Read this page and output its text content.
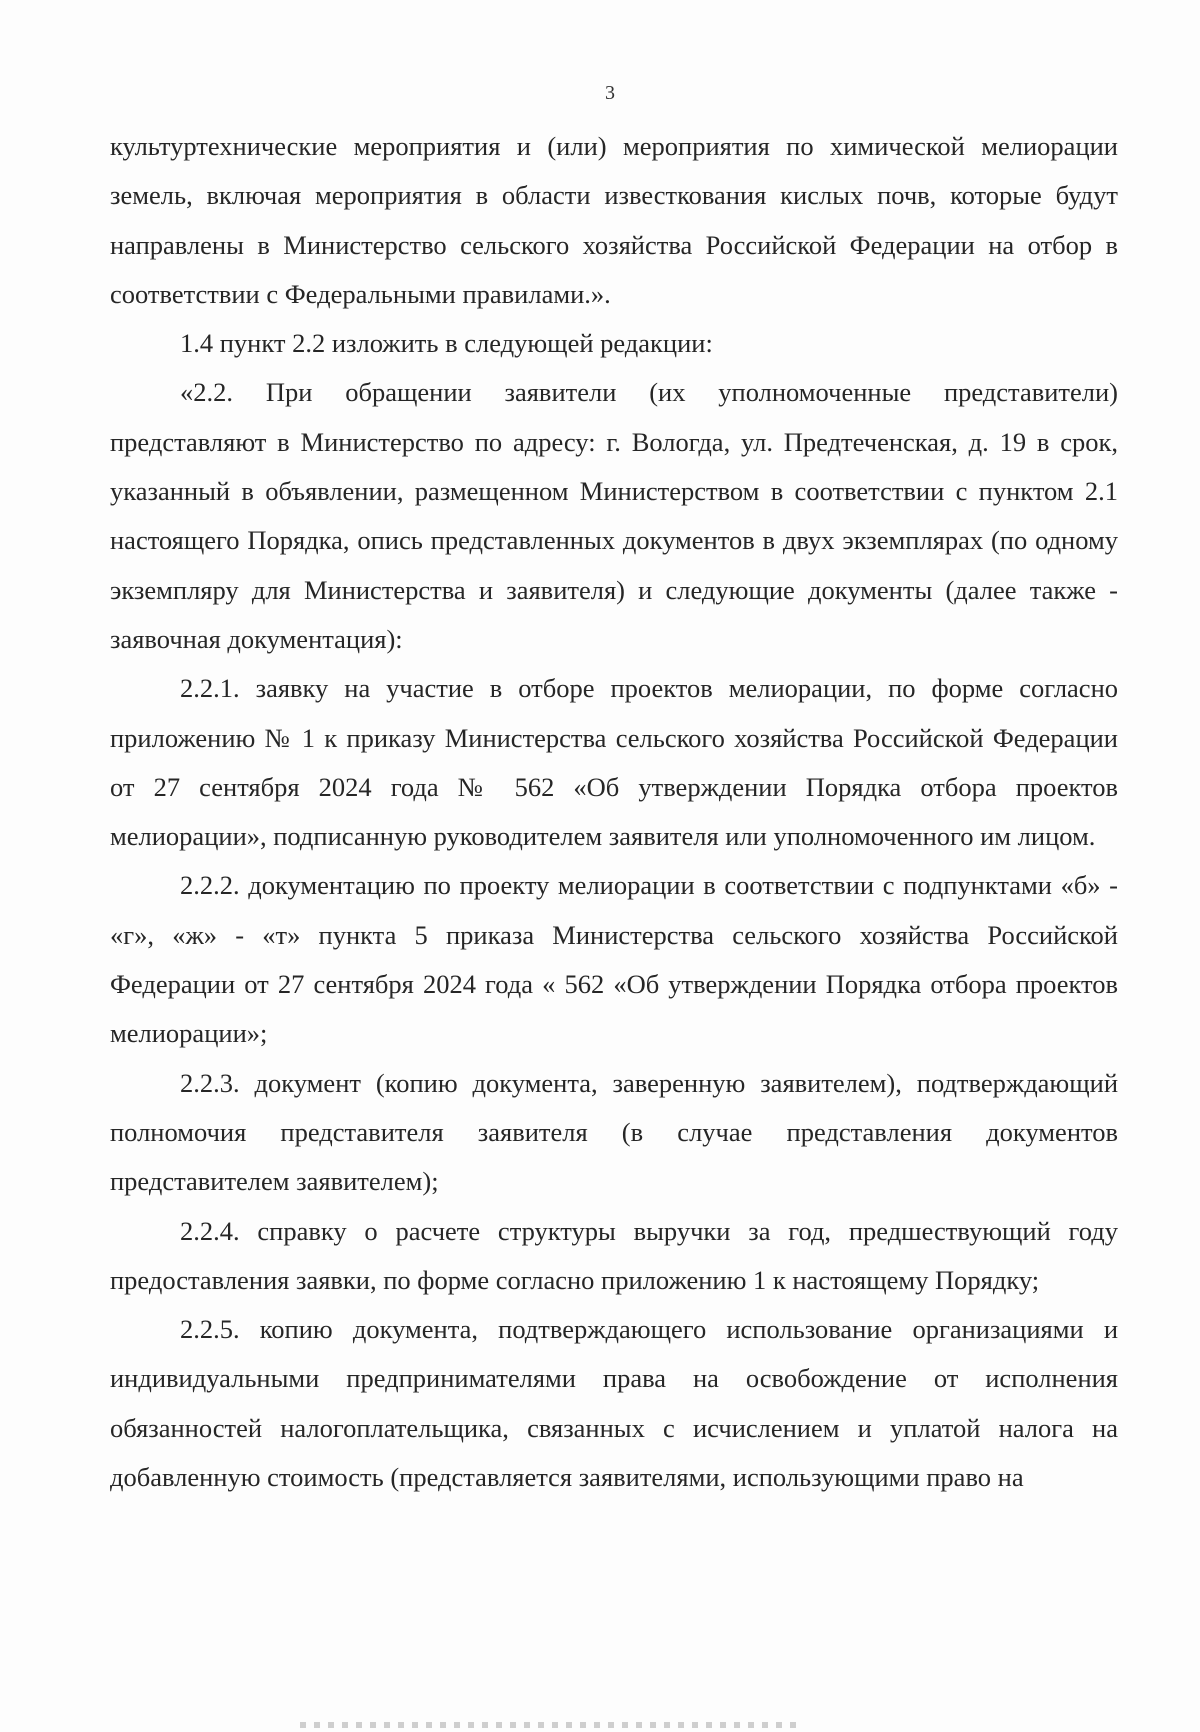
3

культуртехнические мероприятия и (или) мероприятия по химической мелиорации земель, включая мероприятия в области известкования кислых почв, которые будут направлены в Министерство сельского хозяйства Российской Федерации на отбор в соответствии с Федеральными правилами.».

1.4 пункт 2.2 изложить в следующей редакции:

«2.2. При обращении заявители (их уполномоченные представители) представляют в Министерство по адресу: г. Вологда, ул. Предтеченская, д. 19 в срок, указанный в объявлении, размещенном Министерством в соответствии с пунктом 2.1 настоящего Порядка, опись представленных документов в двух экземплярах (по одному экземпляру для Министерства и заявителя) и следующие документы (далее также - заявочная документация):

2.2.1. заявку на участие в отборе проектов мелиорации, по форме согласно приложению № 1 к приказу Министерства сельского хозяйства Российской Федерации от 27 сентября 2024 года № 562 «Об утверждении Порядка отбора проектов мелиорации», подписанную руководителем заявителя или уполномоченного им лицом.

2.2.2. документацию по проекту мелиорации в соответствии с подпунктами «б» - «г», «ж» - «т» пункта 5 приказа Министерства сельского хозяйства Российской Федерации от 27 сентября 2024 года « 562 «Об утверждении Порядка отбора проектов мелиорации»;

2.2.3. документ (копию документа, заверенную заявителем), подтверждающий полномочия представителя заявителя (в случае представления документов представителем заявителем);

2.2.4. справку о расчете структуры выручки за год, предшествующий году предоставления заявки, по форме согласно приложению 1 к настоящему Порядку;

2.2.5. копию документа, подтверждающего использование организациями и индивидуальными предпринимателями права на освобождение от исполнения обязанностей налогоплательщика, связанных с исчислением и уплатой налога на добавленную стоимость (представляется заявителями, использующими право на
